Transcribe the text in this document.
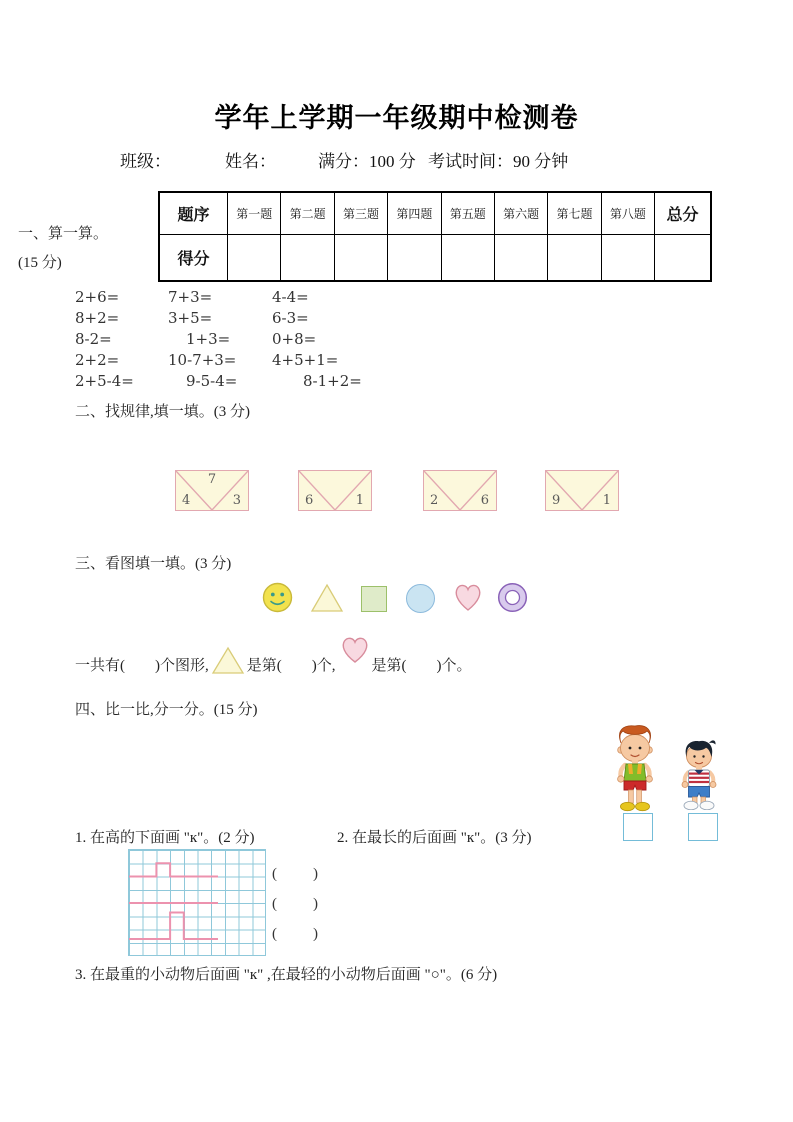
学年上学期一年级期中检测卷
班级：	姓名： 满分：100 分 考试时间：90 分钟
题序	第一题	第二题	第三题	第四题	第五题	第六题	第七题	第八题	总分
得分
一、算一算。
(15 分)
2+6=	7+3=	4-4=
8+2=	3+5=	6-3=
8-2=	1+3=	0+8=
2+2=	10-7+3= 4+5+1=
2+5-4=	9-5-4=	8-1+2=
二、找规律,填一填。(3 分)
7
4	3	6	1	2	6	9	1
三、看图填一填。(3 分)
一共有(　　)个图形,	是第(　　)个, 是第(　　)个。
四、比一比,分一分。(15 分)
1. 在高的下面画 "к"。(2 分)	2. 在最长的后面画 "к"。(3 分)
(　　)
(　　)
(　　)
3. 在最重的小动物后面画 "к" ,在最轻的小动物后面画 "○"。(6 分)
